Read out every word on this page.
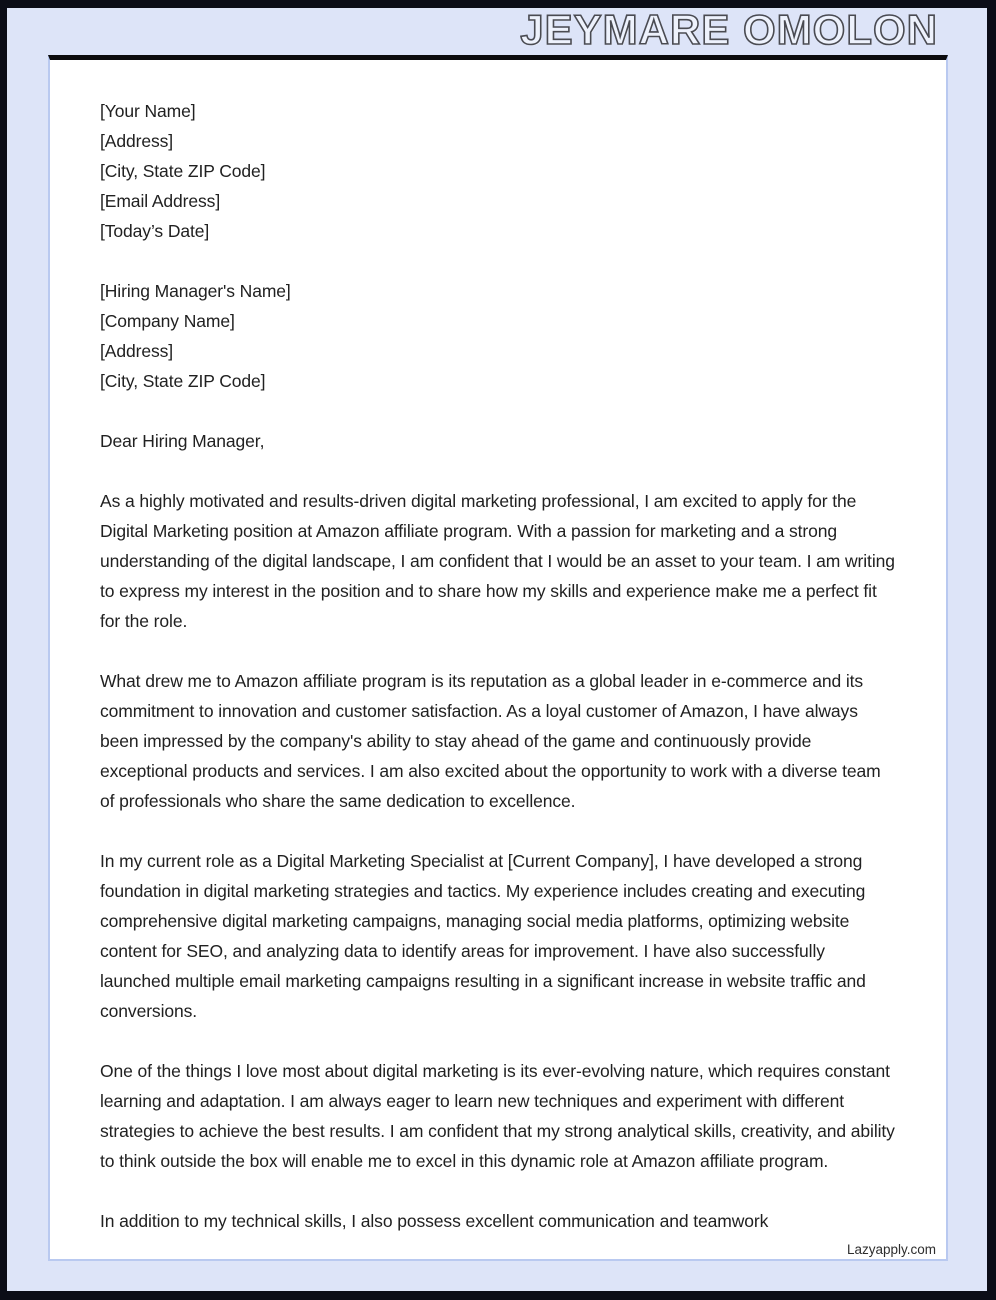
JEYMARE OMOLON
[Your Name]
[Address]
[City, State ZIP Code]
[Email Address]
[Today’s Date]
[Hiring Manager's Name]
[Company Name]
[Address]
[City, State ZIP Code]
Dear Hiring Manager,
As a highly motivated and results-driven digital marketing professional, I am excited to apply for the Digital Marketing position at Amazon affiliate program. With a passion for marketing and a strong understanding of the digital landscape, I am confident that I would be an asset to your team. I am writing to express my interest in the position and to share how my skills and experience make me a perfect fit for the role.
What drew me to Amazon affiliate program is its reputation as a global leader in e-commerce and its commitment to innovation and customer satisfaction. As a loyal customer of Amazon, I have always been impressed by the company's ability to stay ahead of the game and continuously provide exceptional products and services. I am also excited about the opportunity to work with a diverse team of professionals who share the same dedication to excellence.
In my current role as a Digital Marketing Specialist at [Current Company], I have developed a strong foundation in digital marketing strategies and tactics. My experience includes creating and executing comprehensive digital marketing campaigns, managing social media platforms, optimizing website content for SEO, and analyzing data to identify areas for improvement. I have also successfully launched multiple email marketing campaigns resulting in a significant increase in website traffic and conversions.
One of the things I love most about digital marketing is its ever-evolving nature, which requires constant learning and adaptation. I am always eager to learn new techniques and experiment with different strategies to achieve the best results. I am confident that my strong analytical skills, creativity, and ability to think outside the box will enable me to excel in this dynamic role at Amazon affiliate program.
In addition to my technical skills, I also possess excellent communication and teamwork
Lazyapply.com
